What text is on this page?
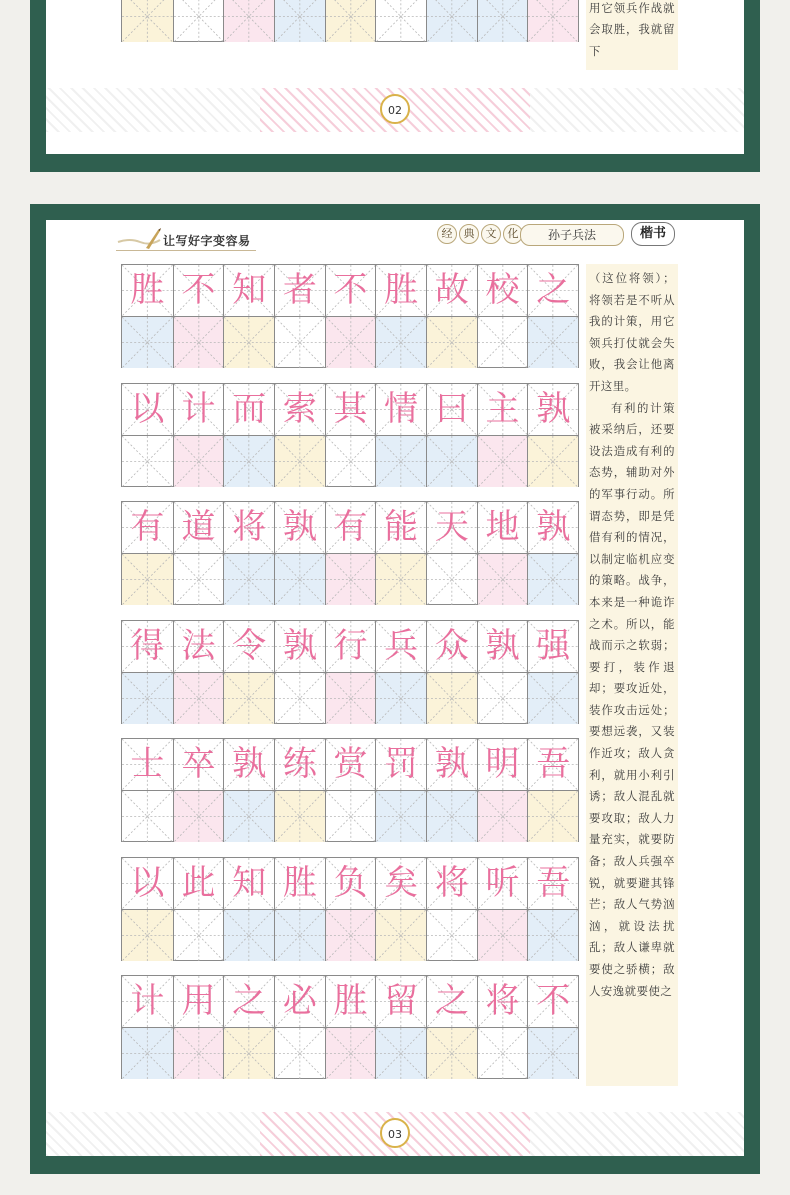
用它领兵作战就会取胜，我就留下

02
让写好字变容易
经	典	文	化	孙子兵法	楷书
胜 不 知 者 不 胜 故 校 之
以 计 而 索 其 情 曰 主 孰
有 道 将 孰 有 能 天 地 孰
得 法 令 孰 行 兵 众 孰 强
士 卒 孰 练 赏 罚 孰 明 吾
以 此 知 胜 负 矣 将 听 吾
计 用 之 必 胜 留 之 将 不

（这位将领）；将领若是不听从我的计策，用它领兵打仗就会失败，我会让他离开这里。

有利的计策被采纳后，还要设法造成有利的态势，辅助对外的军事行动。所谓态势，即是凭借有利的情况，以制定临机应变的策略。战争，本来是一种诡诈之术。所以，能战而示之软弱；要打，装作退却；要攻近处，装作攻击远处；要想远袭，又装作近攻；敌人贪利，就用小利引诱；敌人混乱就要攻取；敌人力量充实，就要防备；敌人兵强卒锐，就要避其锋芒；敌人气势汹汹，就设法扰乱；敌人谦卑就要使之骄横；敌人安逸就要使之

03
